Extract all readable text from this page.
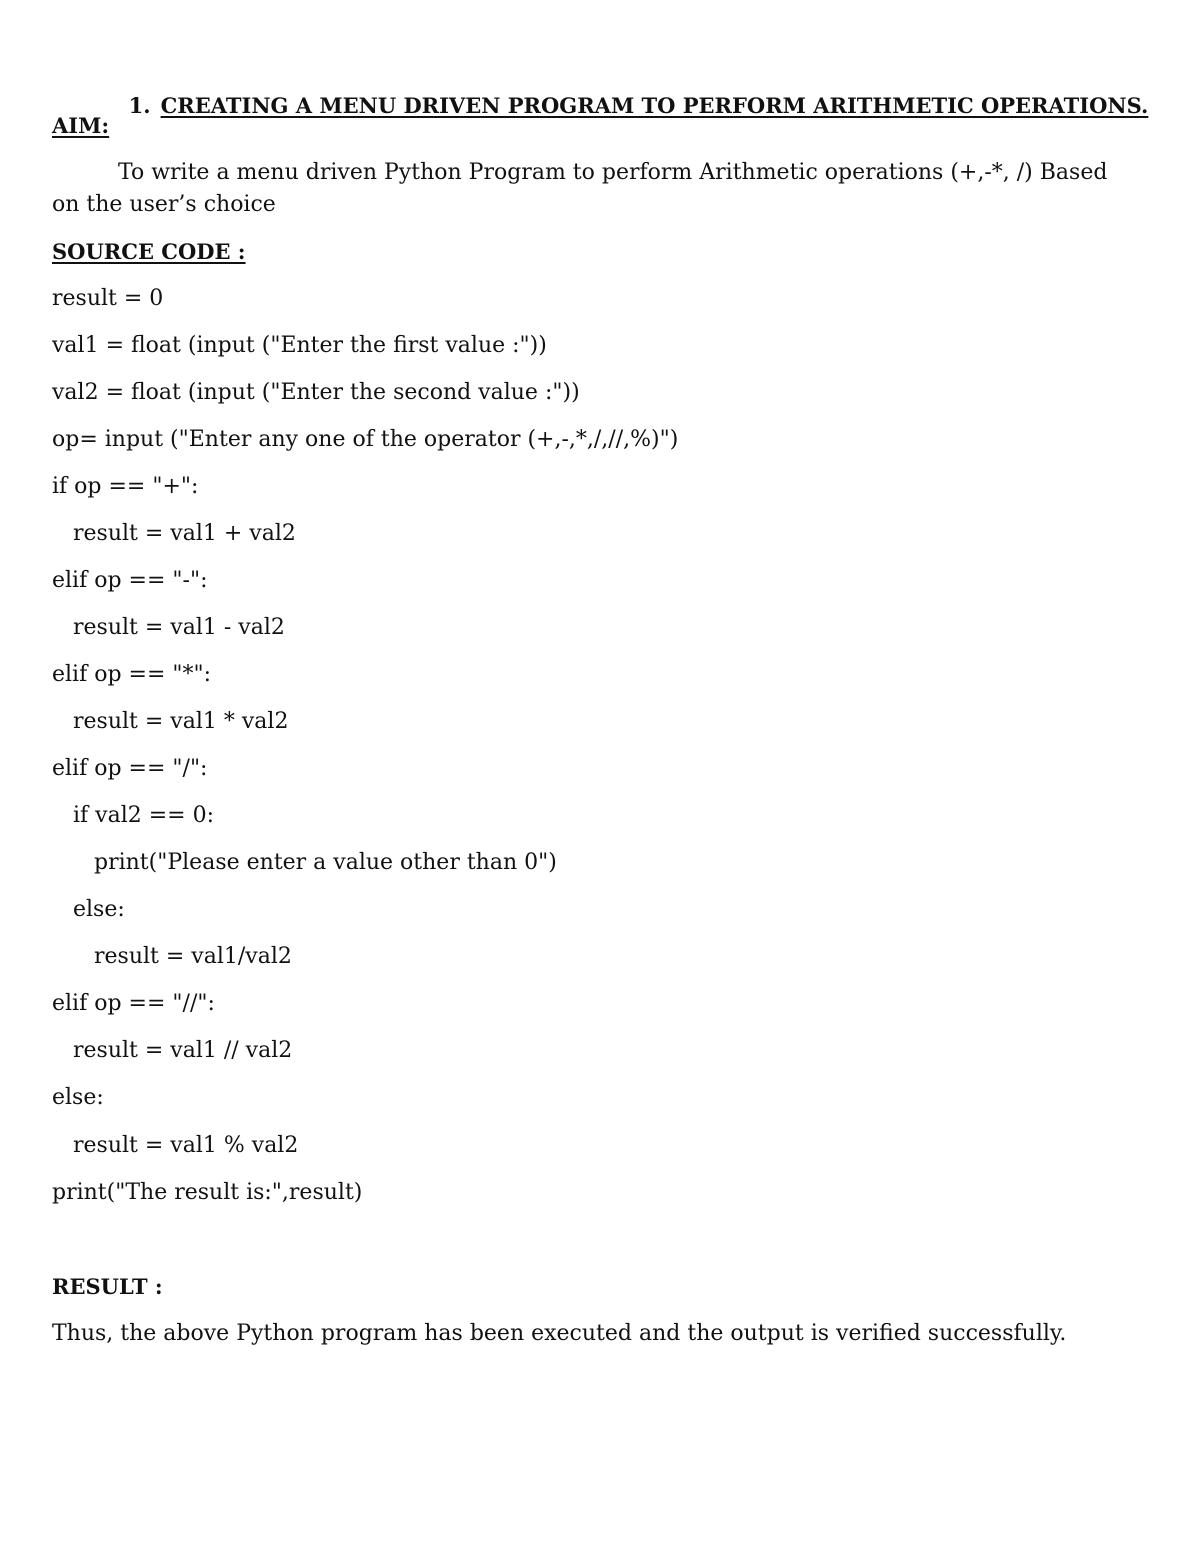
1. CREATING A MENU DRIVEN PROGRAM TO PERFORM ARITHMETIC OPERATIONS.

AIM:
To write a menu driven Python Program to perform Arithmetic operations (+,-*, /) Based
on the user’s choice
SOURCE CODE :
result = 0
val1 = float (input ("Enter the first value :"))
val2 = float (input ("Enter the second value :"))
op= input ("Enter any one of the operator (+,-,*,/,//,%)")
if op == "+":
result = val1 + val2
elif op == "-":
result = val1 - val2
elif op == "*":
result = val1 * val2
elif op == "/":
if val2 == 0:
print("Please enter a value other than 0")
else:
result = val1/val2
elif op == "//":
result = val1 // val2
else:
result = val1 % val2
print("The result is:",result)
RESULT :
Thus, the above Python program has been executed and the output is verified successfully.
